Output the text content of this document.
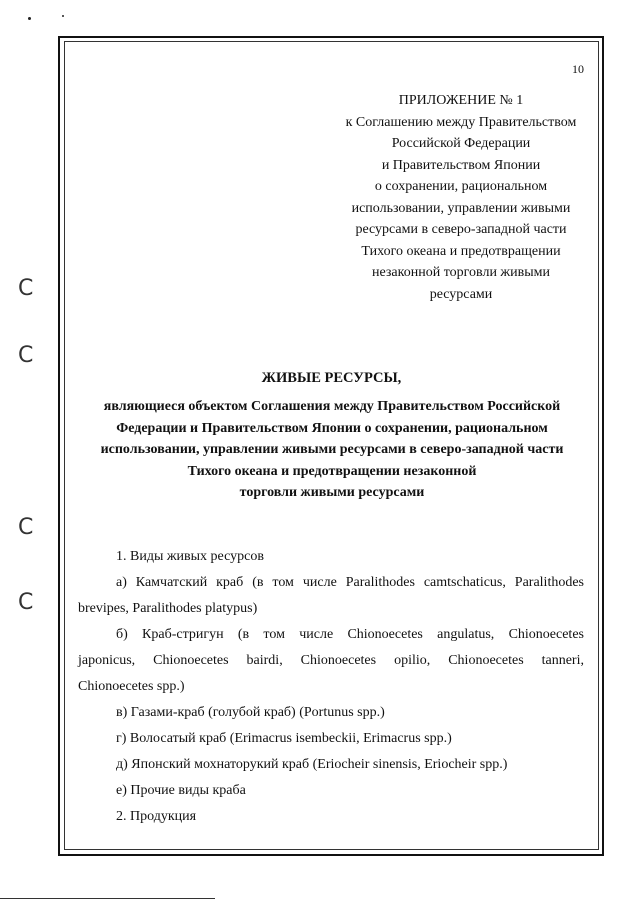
C
C
C
C
10
ПРИЛОЖЕНИЕ № 1
к Соглашению между Правительством
Российской Федерации
и Правительством Японии
о сохранении, рациональном
использовании, управлении живыми
ресурсами в северо-западной части
Тихого океана и предотвращении
незаконной торговли живыми
ресурсами
ЖИВЫЕ РЕСУРСЫ,
являющиеся объектом Соглашения между Правительством Российской
Федерации и Правительством Японии о сохранении, рациональном
использовании, управлении живыми ресурсами в северо-западной части
Тихого океана и предотвращении незаконной
торговли живыми ресурсами
1. Виды живых ресурсов
а) Камчатский краб (в том числе Paralithodes camtschaticus, Paralithodes
brevipes, Paralithodes platypus)
б) Краб-стригун (в том числе Chionoecetes angulatus, Chionoecetes
japonicus, Chionoecetes bairdi, Chionoecetes opilio, Chionoecetes tanneri,
Chionoecetes spp.)
в) Газами-краб (голубой краб) (Portunus spp.)
г) Волосатый краб (Erimacrus isembeckii, Erimacrus spp.)
д) Японский мохнаторукий краб (Eriocheir sinensis, Eriocheir spp.)
е) Прочие виды краба
2. Продукция
